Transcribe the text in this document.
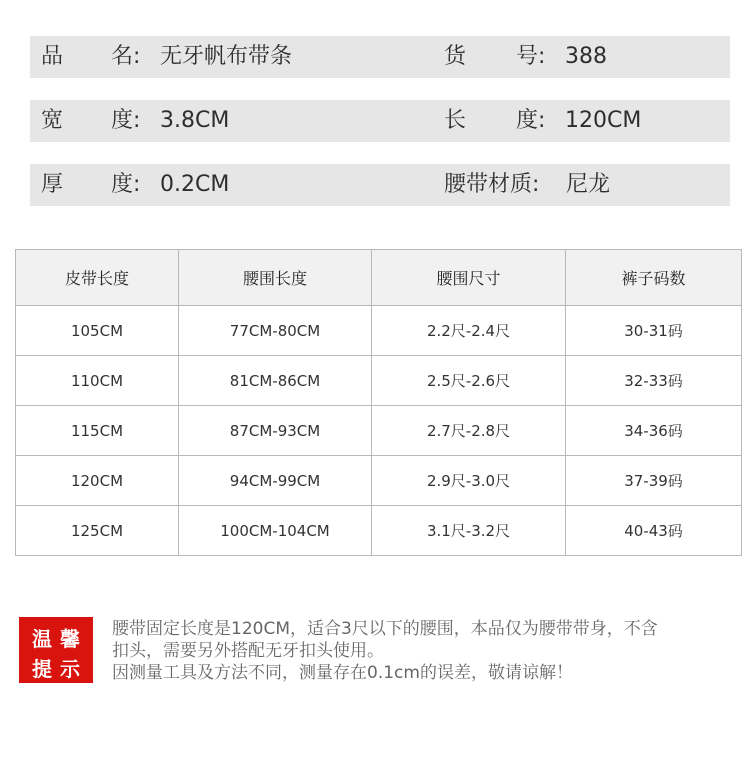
品 名: 无牙帆布带条	货 号: 388
宽 度: 3.8CM	长 度: 120CM
厚 度: 0.2CM	腰带材质:	尼龙
皮带长度	腰围长度	腰围尺寸	裤子码数
105CM	77CM-80CM	2.2尺-2.4尺	30-31码
110CM	81CM-86CM	2.5尺-2.6尺	32-33码
115CM	87CM-93CM	2.7尺-2.8尺	34-36码
120CM	94CM-99CM	2.9尺-3.0尺	37-39码
125CM	100CM-104CM	3.1尺-3.2尺	40-43码
温馨
提示
腰带固定长度是120CM，适合3尺以下的腰围，本品仅为腰带带身，不含
扣头，需要另外搭配无牙扣头使用。
因测量工具及方法不同，测量存在0.1cm的误差，敬请谅解！
